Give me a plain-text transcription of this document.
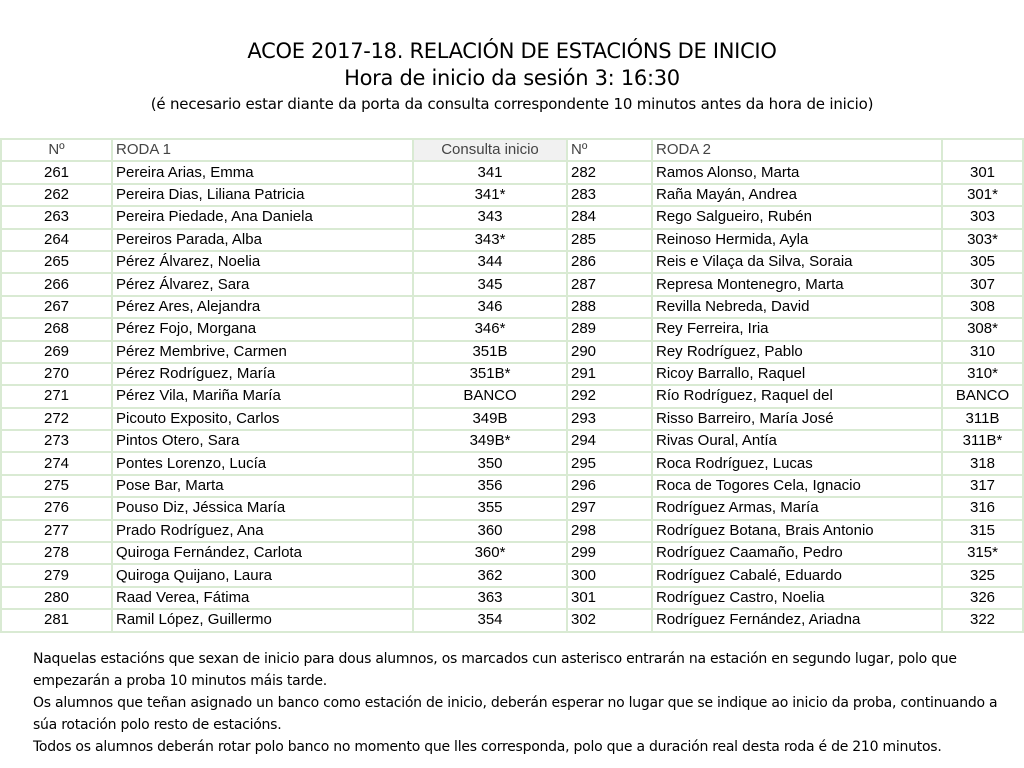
ACOE 2017-18. RELACIÓN DE ESTACIÓNS DE INICIO
Hora de inicio da sesión 3: 16:30
(é necesario estar diante da porta da consulta correspondente 10 minutos antes da hora de inicio)
Nº	RODA 1	Consulta inicio	Nº	RODA 2	
261	Pereira Arias, Emma	341	282	Ramos Alonso, Marta	301
262	Pereira Dias, Liliana Patricia	341*	283	Raña Mayán, Andrea	301*
263	Pereira Piedade, Ana Daniela	343	284	Rego Salgueiro, Rubén	303
264	Pereiros Parada, Alba	343*	285	Reinoso Hermida, Ayla	303*
265	Pérez Álvarez, Noelia	344	286	Reis e Vilaça da Silva, Soraia	305
266	Pérez Álvarez, Sara	345	287	Represa Montenegro, Marta	307
267	Pérez Ares, Alejandra	346	288	Revilla Nebreda, David	308
268	Pérez Fojo, Morgana	346*	289	Rey Ferreira, Iria	308*
269	Pérez Membrive, Carmen	351B	290	Rey Rodríguez, Pablo	310
270	Pérez Rodríguez, María	351B*	291	Ricoy Barrallo, Raquel	310*
271	Pérez Vila, Mariña María	BANCO	292	Río Rodríguez, Raquel del	BANCO
272	Picouto Exposito, Carlos	349B	293	Risso Barreiro, María José	311B
273	Pintos Otero, Sara	349B*	294	Rivas Oural, Antía	311B*
274	Pontes Lorenzo, Lucía	350	295	Roca Rodríguez, Lucas	318
275	Pose Bar, Marta	356	296	Roca de Togores Cela, Ignacio	317
276	Pouso Diz, Jéssica María	355	297	Rodríguez Armas, María	316
277	Prado Rodríguez, Ana	360	298	Rodríguez Botana, Brais Antonio	315
278	Quiroga Fernández, Carlota	360*	299	Rodríguez Caamaño, Pedro	315*
279	Quiroga Quijano, Laura	362	300	Rodríguez Cabalé, Eduardo	325
280	Raad Verea, Fátima	363	301	Rodríguez Castro, Noelia	326
281	Ramil López, Guillermo	354	302	Rodríguez Fernández, Ariadna	322

Naquelas estacións que sexan de inicio para dous alumnos, os marcados cun asterisco entrarán na estación en segundo lugar, polo que empezarán a proba 10 minutos máis tarde.

Os alumnos que teñan asignado un banco como estación de inicio, deberán esperar no lugar que se indique ao inicio da proba, continuando a súa rotación polo resto de estacións.

Todos os alumnos deberán rotar polo banco no momento que lles corresponda, polo que a duración real desta roda é de 210 minutos.
